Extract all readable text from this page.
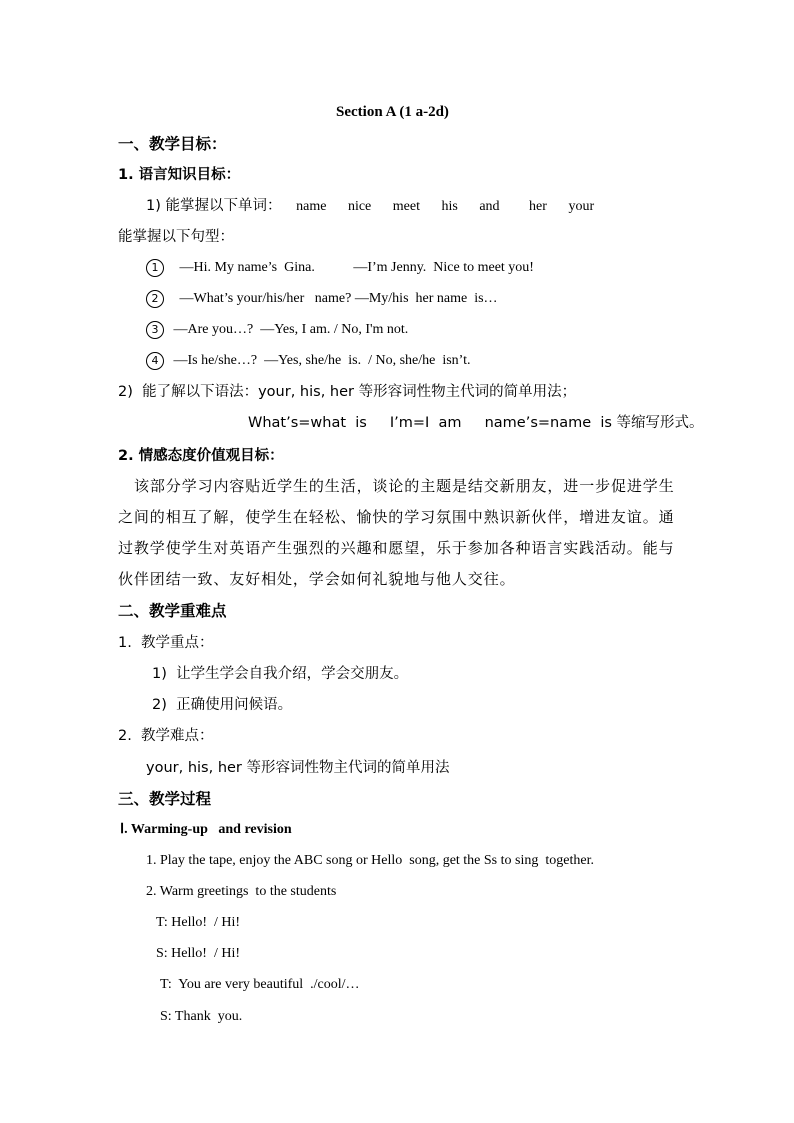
Section A (1 a-2d)
一、教学目标：
1. 语言知识目标：
1) 能掌握以下单词： name nice meet his and her your
能掌握以下句型：
1 —Hi. My name’s  Gina.           —I’m Jenny.  Nice to meet you!
2 —What’s your/his/her   name? —My/his  her name  is…
3 —Are you…?  —Yes, I am. / No, I'm not.
4 —Is he/she…?  —Yes, she/he  is.  / No, she/he  isn’t.
2)  能了解以下语法：your, his, her 等形容词性物主代词的简单用法；
What’s=what  is     I’m=I  am     name’s=name  is 等缩写形式。
2. 情感态度价值观目标：
该部分学习内容贴近学生的生活，谈论的主题是结交新朋友，进一步促进学生
之间的相互了解，使学生在轻松、愉快的学习氛围中熟识新伙伴，增进友谊。通
过教学使学生对英语产生强烈的兴趣和愿望，乐于参加各种语言实践活动。能与
伙伴团结一致、友好相处，学会如何礼貌地与他人交往。
二、教学重难点
1.  教学重点：
1)  让学生学会自我介绍，学会交朋友。
2)  正确使用问候语。
2.  教学难点：
your, his, her 等形容词性物主代词的简单用法
三、教学过程
Ⅰ. Warming-up   and revision
1. Play the tape, enjoy the ABC song or Hello  song, get the Ss to sing  together.
2. Warm greetings  to the students
T: Hello!  / Hi!
S: Hello!  / Hi!
T:  You are very beautiful  ./cool/…
S: Thank  you.
